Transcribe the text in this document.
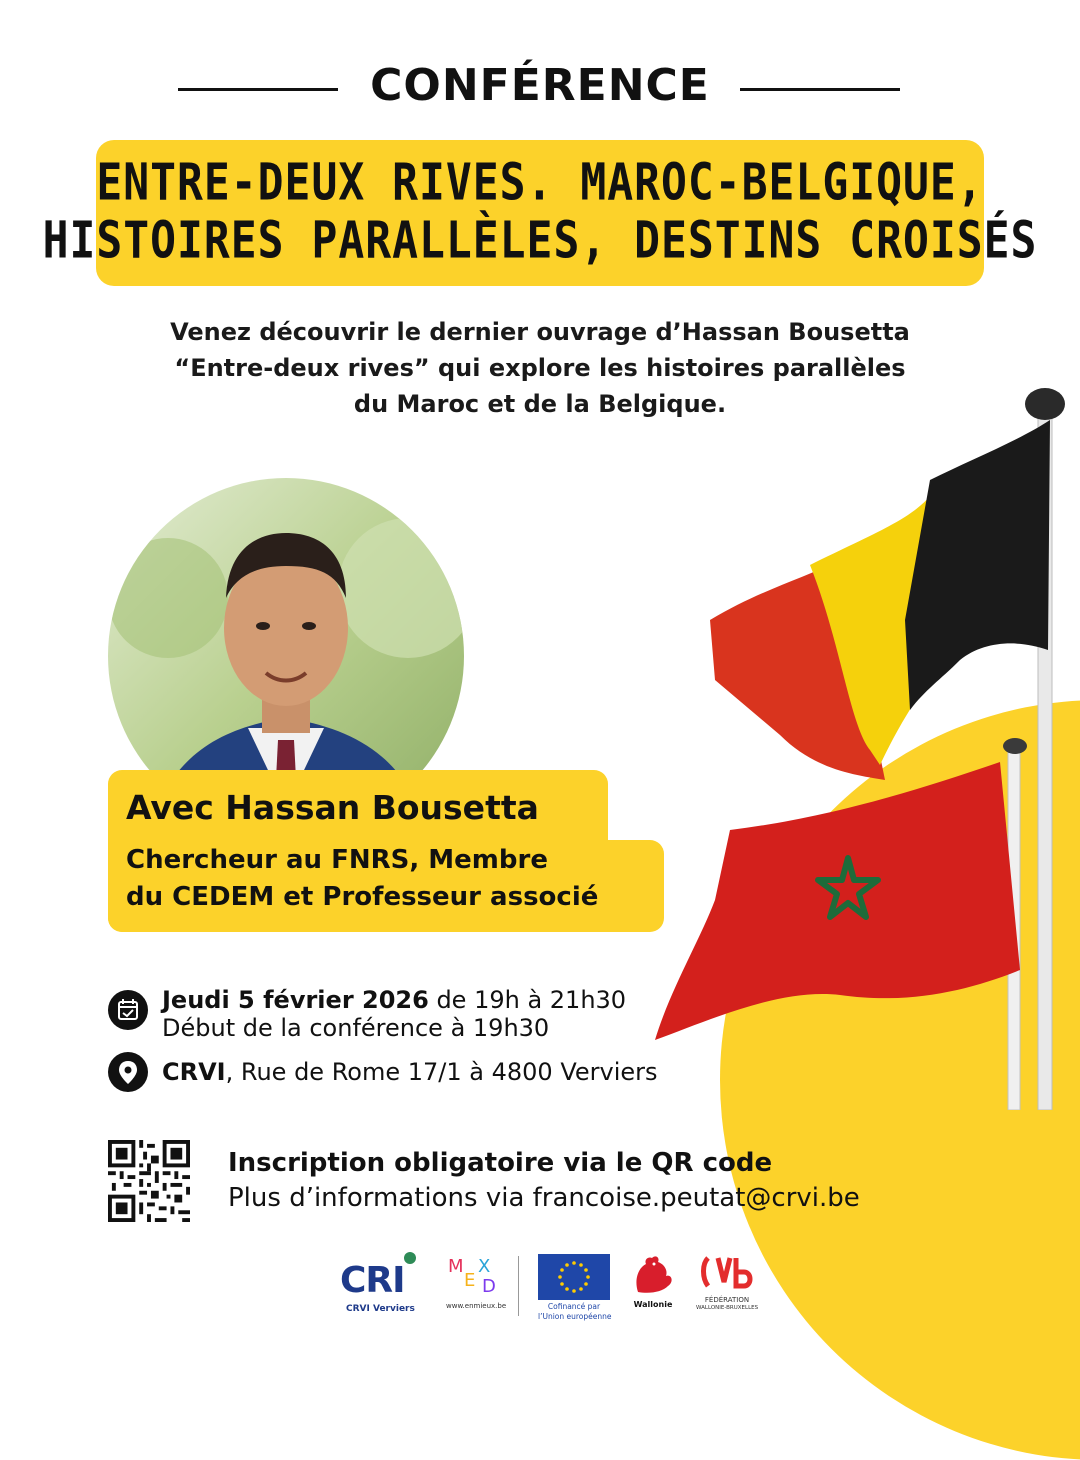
CONFÉRENCE
ENTRE-DEUX RIVES. MAROC-BELGIQUE,
HISTOIRES PARALLÈLES, DESTINS CROISÉS
Venez découvrir le dernier ouvrage d’Hassan Bousetta
“Entre-deux rives” qui explore les histoires parallèles
du Maroc et de la Belgique.
Avec Hassan Bousetta
Chercheur au FNRS, Membre
du CEDEM et Professeur associé
Jeudi 5 février 2026 de 19h à 21h30
Début de la conférence à 19h30
CRVI, Rue de Rome 17/1 à 4800 Verviers
Inscription obligatoire via le QR code
Plus d’informations via francoise.peutat@crvi.be
CRI
CRVI Verviers
M
E
X
D
www.enmieux.be	Cofinancé par
l’Union européenne
Wallonie	FÉDÉRATION
WALLONIE-BRUXELLES
